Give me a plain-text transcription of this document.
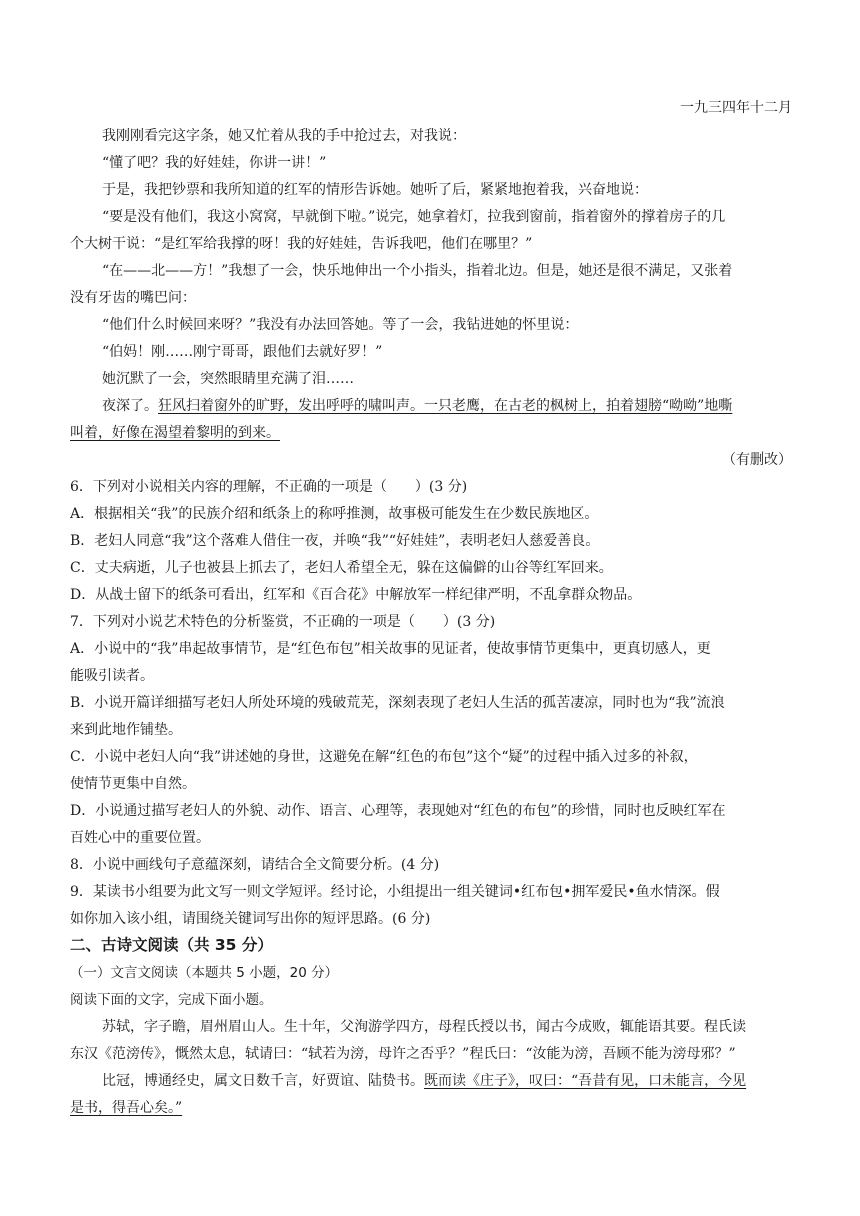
一九三四年十二月
我刚刚看完这字条，她又忙着从我的手中抢过去，对我说：
“懂了吧？我的好娃娃，你讲一讲！”
于是，我把钞票和我所知道的红军的情形告诉她。她听了后，紧紧地抱着我，兴奋地说：
“要是没有他们，我这小窝窝，早就倒下啦。”说完，她拿着灯，拉我到窗前，指着窗外的撑着房子的几
个大树干说：“是红军给我撑的呀！我的好娃娃，告诉我吧，他们在哪里？”
“在——北——方！”我想了一会，快乐地伸出一个小指头，指着北边。但是，她还是很不满足，又张着
没有牙齿的嘴巴问：
“他们什么时候回来呀？”我没有办法回答她。等了一会，我钻进她的怀里说：
“伯妈！刚……刚宁哥哥，跟他们去就好罗！”
她沉默了一会，突然眼睛里充满了泪……
夜深了。狂风扫着窗外的旷野，发出呼呼的啸叫声。一只老鹰，在古老的枫树上，拍着翅膀“呦呦”地嘶
叫着，好像在渴望着黎明的到来。
（有删改）
6．下列对小说相关内容的理解，不正确的一项是（　　）(3 分)
A．根据相关“我”的民族介绍和纸条上的称呼推测，故事极可能发生在少数民族地区。
B．老妇人同意“我”这个落难人借住一夜，并唤“我”“好娃娃”，表明老妇人慈爱善良。
C．丈夫病逝，儿子也被县上抓去了，老妇人希望全无，躲在这偏僻的山谷等红军回来。
D．从战士留下的纸条可看出，红军和《百合花》中解放军一样纪律严明，不乱拿群众物品。
7．下列对小说艺术特色的分析鉴赏，不正确的一项是（　　）(3 分)
A．小说中的“我”串起故事情节，是“红色布包”相关故事的见证者，使故事情节更集中，更真切感人，更
能吸引读者。
B．小说开篇详细描写老妇人所处环境的残破荒芜，深刻表现了老妇人生活的孤苦凄凉，同时也为“我”流浪
来到此地作铺垫。
C．小说中老妇人向“我”讲述她的身世，这避免在解“红色的布包”这个“疑”的过程中插入过多的补叙，
使情节更集中自然。
D．小说通过描写老妇人的外貌、动作、语言、心理等，表现她对“红色的布包”的珍惜，同时也反映红军在
百姓心中的重要位置。
8．小说中画线句子意蕴深刻，请结合全文简要分析。(4 分)
9．某读书小组要为此文写一则文学短评。经讨论，小组提出一组关键词•红布包•拥军爱民•鱼水情深。假
如你加入该小组，请围绕关键词写出你的短评思路。(6 分)
二、古诗文阅读（共 35 分）
（一）文言文阅读（本题共 5 小题，20 分）
阅读下面的文字，完成下面小题。
苏轼，字子瞻，眉州眉山人。生十年，父洵游学四方，母程氏授以书，闻古今成败，辄能语其要。程氏读
东汉《范滂传》，慨然太息，轼请曰：“轼若为滂，母许之否乎？”程氏曰：“汝能为滂，吾顾不能为滂母邪？”
比冠，博通经史，属文日数千言，好贾谊、陆贽书。既而读《庄子》，叹曰：“吾昔有见，口未能言，今见
是书，得吾心矣。”
